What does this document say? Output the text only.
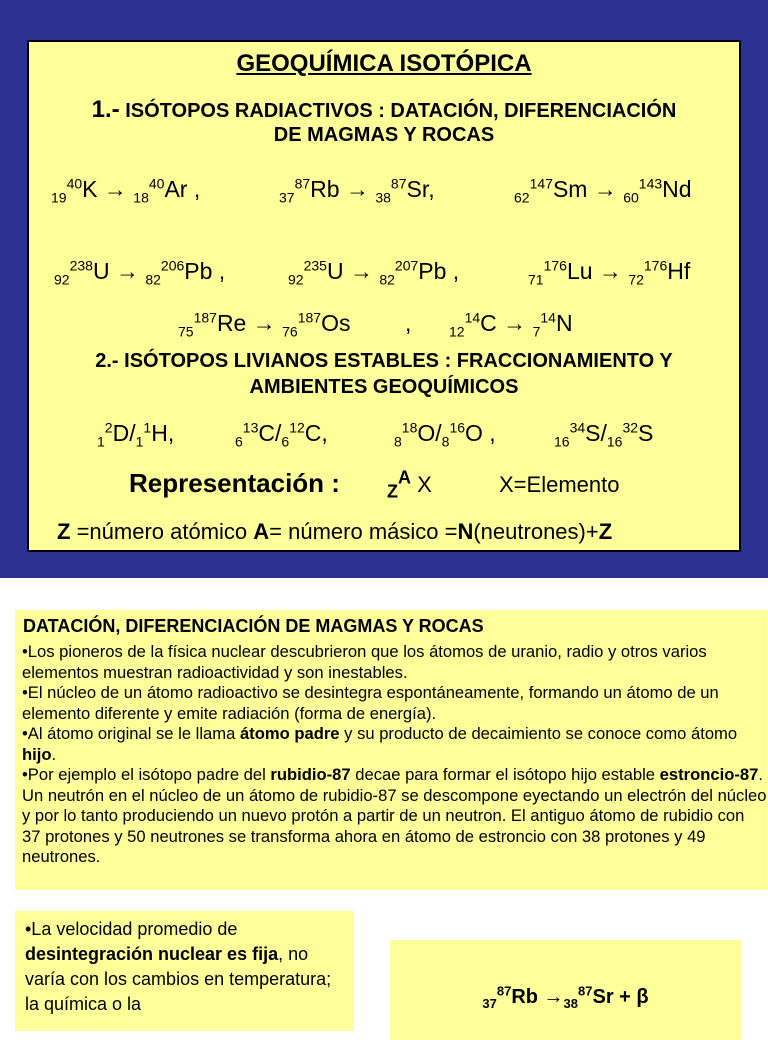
GEOQUÍMICA ISOTÓPICA
1.- ISÓTOPOS RADIACTIVOS : DATACIÓN, DIFERENCIACIÓN
DE MAGMAS Y ROCAS
$_{19}^{40}$K → $_{18}^{40}$Ar ,	$_{37}^{87}$Rb → $_{38}^{87}$Sr,	$_{62}^{147}$Sm → $_{60}^{143}$Nd
$_{92}^{238}$U → $_{82}^{206}$Pb ,	$_{92}^{235}$U → $_{82}^{207}$Pb ,	$_{71}^{176}$Lu → $_{72}^{176}$Hf
$_{75}^{187}$Re → $_{76}^{187}$Os ,	$_{12}^{14}$C → $_7^{14}$N
2.- ISÓTOPOS LIVIANOS ESTABLES : FRACCIONAMIENTO Y
AMBIENTES GEOQUÍMICOS
$_1^2D/_1^1H$,	$_6^{13}C/_6^{12}C$,	$_8^{18}O/_8^{16}O$ ,	$_{16}^{34}S/_{16}^{32}S$
Representación :	$_Z^A$ X	X=Elemento
Z =número atómico A= número másico =N(neutrones)+Z
DATACIÓN, DIFERENCIACIÓN DE MAGMAS Y ROCAS

•Los pioneros de la física nuclear descubrieron que los átomos de uranio, radio y otros varios elementos muestran radioactividad y son inestables.

•El núcleo de un átomo radioactivo se desintegra espontáneamente, formando un átomo de un elemento diferente y emite radiación (forma de energía).

•Al átomo original se le llama átomo padre y su producto de decaimiento se conoce como átomo hijo.

•Por ejemplo el isótopo padre del rubidio-87 decae para formar el isótopo hijo estable estroncio-87. Un neutrón en el núcleo de un átomo de rubidio-87 se descompone eyectando un electrón del núcleo y por lo tanto produciendo un nuevo protón a partir de un neutron. El antiguo átomo de rubidio con 37 protones y 50 neutrones se transforma ahora en átomo de estroncio con 38 protones y 49 neutrones.

•La velocidad promedio de desintegración nuclear es fija, no varía con los cambios en temperatura; la química o la	$_{37}^{87}Rb \to_{38}^{87}Sr + \beta$
